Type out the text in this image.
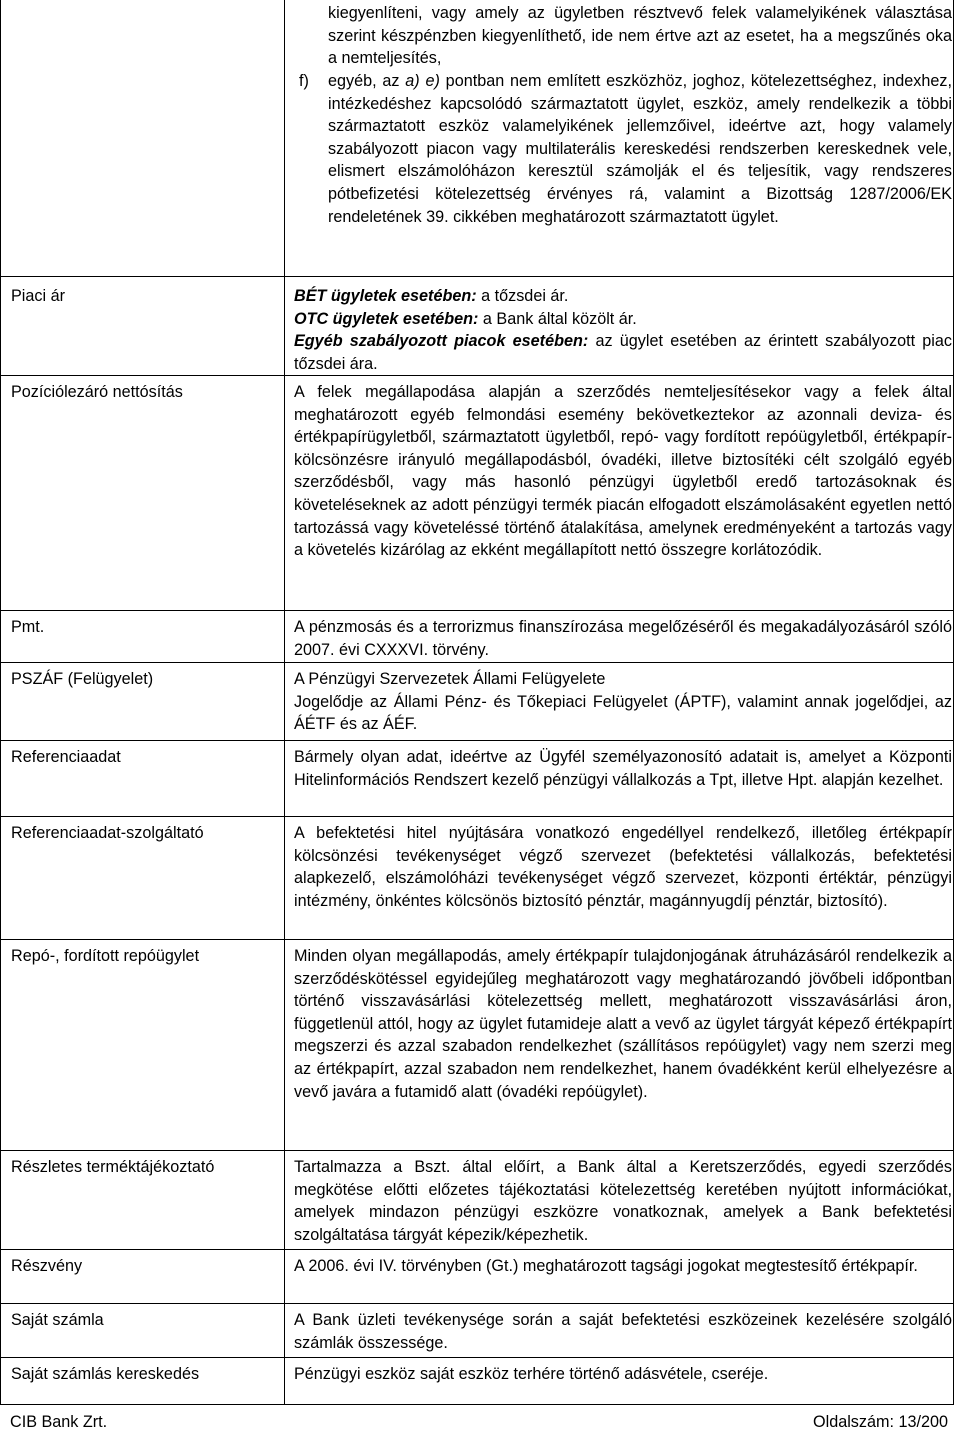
kiegyenlíteni, vagy amely az ügyletben résztvevő felek valamelyikének választása szerint készpénzben kiegyenlíthető, ide nem értve azt az esetet, ha a megszűnés oka a nemteljesítés,
f) egyéb, az a) e) pontban nem említett eszközhöz, joghoz, kötelezettséghez, indexhez, intézkedéshez kapcsolódó származtatott ügylet, eszköz, amely rendelkezik a többi származtatott eszköz valamelyikének jellemzőivel, ideértve azt, hogy valamely szabályozott piacon vagy multilaterális kereskedési rendszerben kereskednek vele, elismert elszámolóházon keresztül számolják el és teljesítik, vagy rendszeres pótbefizetési kötelezettség érvényes rá, valamint a Bizottság 1287/2006/EK rendeletének 39. cikkében meghatározott származtatott ügylet.
Piaci ár	BÉT ügyletek esetében: a tőzsdei ár.
OTC ügyletek esetében: a Bank által közölt ár.
Egyéb szabályozott piacok esetében: az ügylet esetében az érintett szabályozott piac tőzsdei ára.
Pozíciólezáró nettósítás	A felek megállapodása alapján a szerződés nemteljesítésekor vagy a felek által meghatározott egyéb felmondási esemény bekövetkeztekor az azonnali deviza- és értékpapírügyletből, származtatott ügyletből, repó- vagy fordított repóügyletből, értékpapír-kölcsönzésre irányuló megállapodásból, óvadéki, illetve biztosítéki célt szolgáló egyéb szerződésből, vagy más hasonló pénzügyi ügyletből eredő tartozásoknak és követeléseknek az adott pénzügyi termék piacán elfogadott elszámolásaként egyetlen nettó tartozássá vagy követeléssé történő átalakítása, amelynek eredményeként a tartozás vagy a követelés kizárólag az ekként megállapított nettó összegre korlátozódik.
Pmt.	A pénzmosás és a terrorizmus finanszírozása megelőzéséről és megakadályozásáról szóló 2007. évi CXXXVI. törvény.
PSZÁF (Felügyelet)	A Pénzügyi Szervezetek Állami Felügyelete
Jogelődje az Állami Pénz- és Tőkepiaci Felügyelet (ÁPTF), valamint annak jogelődjei, az ÁÉTF és az ÁÉF.
Referenciaadat	Bármely olyan adat, ideértve az Ügyfél személyazonosító adatait is, amelyet a Központi Hitelinformációs Rendszert kezelő pénzügyi vállalkozás a Tpt, illetve Hpt. alapján kezelhet.
Referenciaadat-szolgáltató	A befektetési hitel nyújtására vonatkozó engedéllyel rendelkező, illetőleg értékpapír kölcsönzési tevékenységet végző szervezet (befektetési vállalkozás, befektetési alapkezelő, elszámolóházi tevékenységet végző szervezet, központi értéktár, pénzügyi intézmény, önkéntes kölcsönös biztosító pénztár, magánnyugdíj pénztár, biztosító).
Repó-, fordított repóügylet	Minden olyan megállapodás, amely értékpapír tulajdonjogának átruházásáról rendelkezik a szerződéskötéssel egyidejűleg meghatározott vagy meghatározandó jövőbeli időpontban történő visszavásárlási kötelezettség mellett, meghatározott visszavásárlási áron, függetlenül attól, hogy az ügylet futamideje alatt a vevő az ügylet tárgyát képező értékpapírt megszerzi és azzal szabadon rendelkezhet (szállításos repóügylet) vagy nem szerzi meg az értékpapírt, azzal szabadon nem rendelkezhet, hanem óvadékként kerül elhelyezésre a vevő javára a futamidő alatt (óvadéki repóügylet).
Részletes terméktájékoztató	Tartalmazza a Bszt. által előírt, a Bank által a Keretszerződés, egyedi szerződés megkötése előtti előzetes tájékoztatási kötelezettség keretében nyújtott információkat, amelyek mindazon pénzügyi eszközre vonatkoznak, amelyek a Bank befektetési szolgáltatása tárgyát képezik/képezhetik.
Részvény	A 2006. évi IV. törvényben (Gt.) meghatározott tagsági jogokat megtestesítő értékpapír.
Saját számla	A Bank üzleti tevékenysége során a saját befektetési eszközeinek kezelésére szolgáló számlák összessége.
Saját számlás kereskedés	Pénzügyi eszköz saját eszköz terhére történő adásvétele, cseréje.
CIB Bank Zrt.	Oldalszám: 13/200
